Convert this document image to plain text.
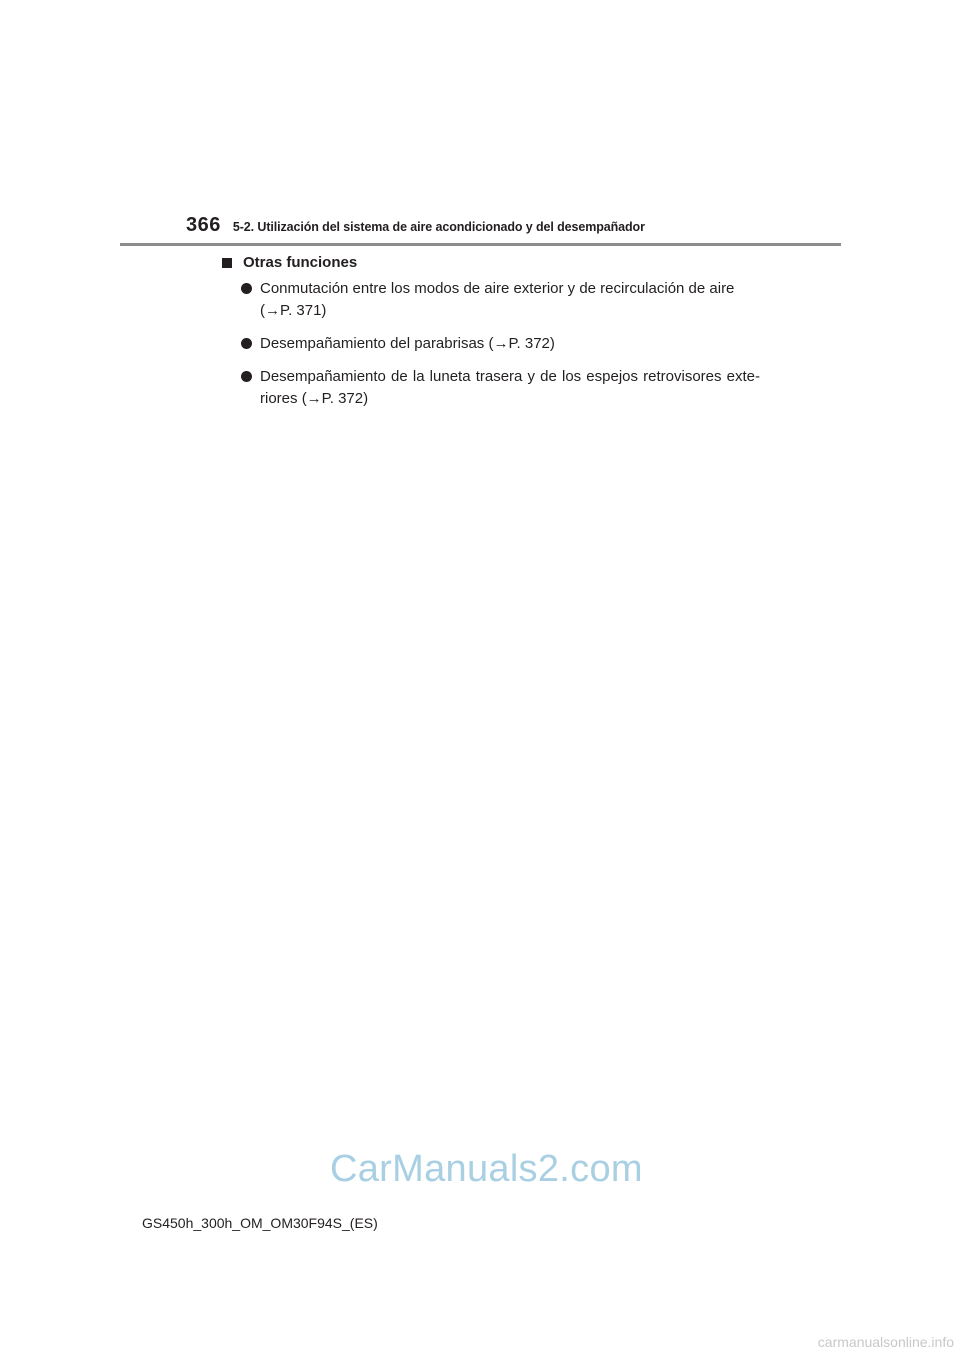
366 5-2. Utilización del sistema de aire acondicionado y del desempañador
Otras funciones
Conmutación entre los modos de aire exterior y de recirculación de aire
(→P. 371)
Desempañamiento del parabrisas (→P. 372)
Desempañamiento de la luneta trasera y de los espejos retrovisores exte-riores (→P. 372)
CarManuals2.com
GS450h_300h_OM_OM30F94S_(ES)
carmanualsonline.info
